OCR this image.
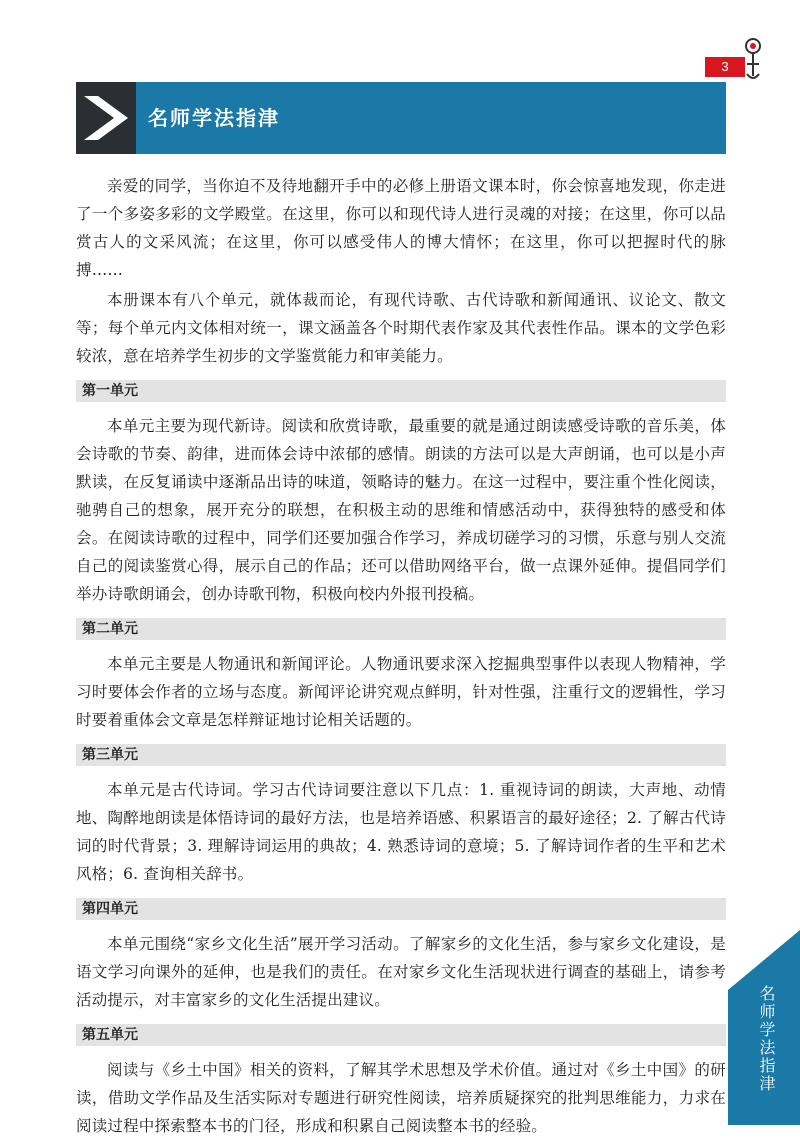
3
名师学法指津

亲爱的同学，当你迫不及待地翻开手中的必修上册语文课本时，你会惊喜地发现，你走进了一个多姿多彩的文学殿堂。在这里，你可以和现代诗人进行灵魂的对接；在这里，你可以品赏古人的文采风流；在这里，你可以感受伟人的博大情怀；在这里，你可以把握时代的脉搏……

本册课本有八个单元，就体裁而论，有现代诗歌、古代诗歌和新闻通讯、议论文、散文等；每个单元内文体相对统一，课文涵盖各个时期代表作家及其代表性作品。课本的文学色彩较浓，意在培养学生初步的文学鉴赏能力和审美能力。

第一单元

本单元主要为现代新诗。阅读和欣赏诗歌，最重要的就是通过朗读感受诗歌的音乐美，体会诗歌的节奏、韵律，进而体会诗中浓郁的感情。朗读的方法可以是大声朗诵，也可以是小声默读，在反复诵读中逐渐品出诗的味道，领略诗的魅力。在这一过程中，要注重个性化阅读，驰骋自己的想象，展开充分的联想，在积极主动的思维和情感活动中，获得独特的感受和体会。在阅读诗歌的过程中，同学们还要加强合作学习，养成切磋学习的习惯，乐意与别人交流自己的阅读鉴赏心得，展示自己的作品；还可以借助网络平台，做一点课外延伸。提倡同学们举办诗歌朗诵会，创办诗歌刊物，积极向校内外报刊投稿。

第二单元

本单元主要是人物通讯和新闻评论。人物通讯要求深入挖掘典型事件以表现人物精神，学习时要体会作者的立场与态度。新闻评论讲究观点鲜明，针对性强，注重行文的逻辑性，学习时要着重体会文章是怎样辩证地讨论相关话题的。

第三单元

本单元是古代诗词。学习古代诗词要注意以下几点：1. 重视诗词的朗读，大声地、动情地、陶醉地朗读是体悟诗词的最好方法，也是培养语感、积累语言的最好途径；2. 了解古代诗词的时代背景；3. 理解诗词运用的典故；4. 熟悉诗词的意境；5. 了解诗词作者的生平和艺术风格；6. 查询相关辞书。

第四单元

本单元围绕“家乡文化生活”展开学习活动。了解家乡的文化生活，参与家乡文化建设，是语文学习向课外的延伸，也是我们的责任。在对家乡文化生活现状进行调查的基础上，请参考活动提示，对丰富家乡的文化生活提出建议。

第五单元

阅读与《乡土中国》相关的资料，了解其学术思想及学术价值。通过对《乡土中国》的研读，借助文学作品及生活实际对专题进行研究性阅读，培养质疑探究的批判思维能力，力求在阅读过程中探索整本书的门径，形成和积累自己阅读整本书的经验。

名师学法指津
